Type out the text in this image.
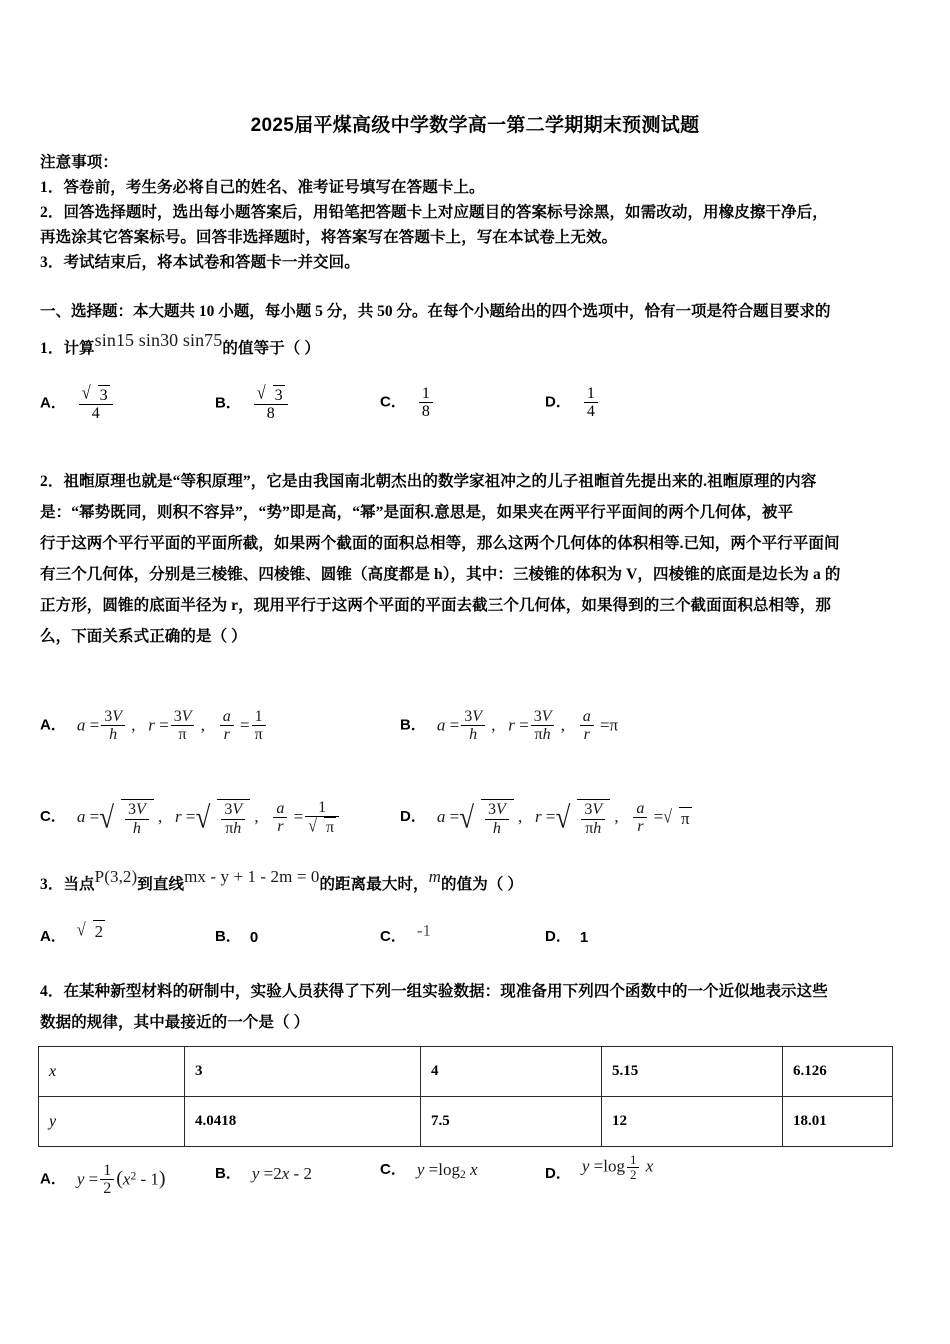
2025届平煤高级中学数学高一第二学期期末预测试题
注意事项：
1．答卷前，考生务必将自己的姓名、准考证号填写在答题卡上。
2．回答选择题时，选出每小题答案后，用铅笔把答题卡上对应题目的答案标号涂黑，如需改动，用橡皮擦干净后，
再选涂其它答案标号。回答非选择题时，将答案写在答题卡上，写在本试卷上无效。
3．考试结束后，将本试卷和答题卡一并交回。
一、选择题：本大题共 10 小题，每小题 5 分，共 50 分。在每个小题给出的四个选项中，恰有一项是符合题目要求的
1．计算sin15 sin30 sin75的值等于（ ）
A． $\frac{√ 3}{4}$	B． $\frac{√ 3}{8}$	C． $\frac{1}{8}$	D． $\frac{1}{4}$
2．祖暅原理也就是“等积原理”，它是由我国南北朝杰出的数学家祖冲之的儿子祖暅首先提出来的.祖暅原理的内容
是：“幂势既同，则积不容异”，“势”即是高，“幂”是面积.意思是，如果夹在两平行平面间的两个几何体，被平
行于这两个平行平面的平面所截，如果两个截面的面积总相等，那么这两个几何体的体积相等.已知，两个平行平面间
有三个几何体，分别是三棱锥、四棱锥、圆锥（高度都是 h），其中：三棱锥的体积为 V，四棱锥的底面是边长为 a 的
正方形，圆锥的底面半径为 r，现用平行于这两个平面的平面去截三个几何体，如果得到的三个截面面积总相等，那
么，下面关系式正确的是（ ）
A． $a = \frac{3V}{h}$ ,   $r = \frac{3V}{\pi}$ , $\frac{a}{r} = \frac{1}{\pi}$	B． $a = \frac{3V}{h}$ ,   $r = \frac{3V}{\pi h}$ , $\frac{a}{r} =\pi$
C． a =√ $\frac{3V}{h}$ ,   r =√ $\frac{3V}{\pi h}$ , $\frac{a}{r} = \frac{1}{√ \pi}$	D． a =√ $\frac{3V}{h}$ ,   r =√ $\frac{3V}{\pi h}$ , $\frac{a}{r}$ =√ π
3．当点P(3,2)到直线mx - y + 1 - 2m = 0的距离最大时，m的值为（ ）
A． √ 2	B． 0	C． -1	D． 1
4．在某种新型材料的研制中，实验人员获得了下列一组实验数据：现准备用下列四个函数中的一个近似地表示这些
数据的规律，其中最接近的一个是（ ）
x	3	4	5.15	6.126
y	4.0418	7.5	12	18.01
A． $y = \frac{1}{2} (x^2 - 1)$	B． y =2x - 2	C． $y =\log_2$ x	D． y =log $_{\frac{1}{2}}$ x
